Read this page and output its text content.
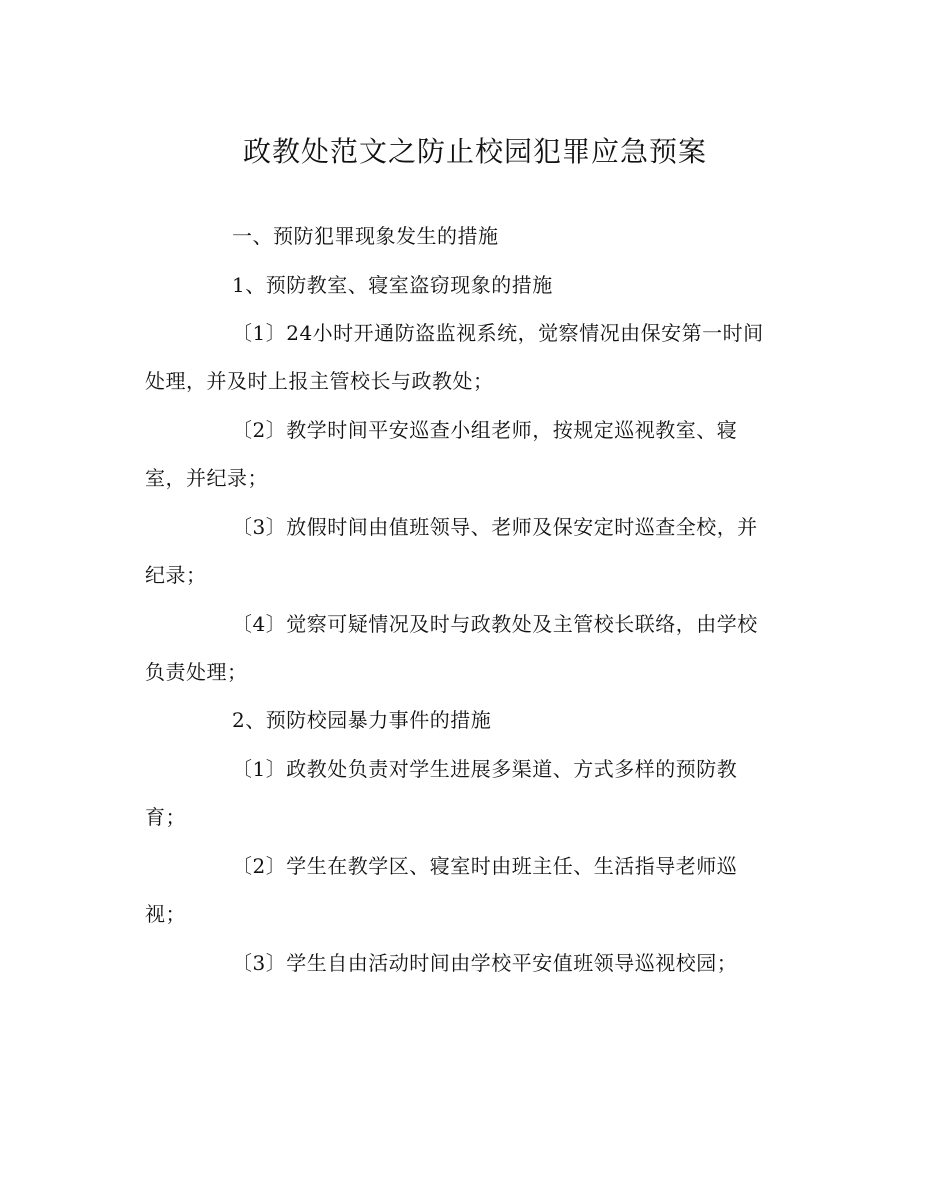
政教处范文之防止校园犯罪应急预案

一、预防犯罪现象发生的措施

1、预防教室、寝室盗窃现象的措施

〔1〕24小时开通防盗监视系统，觉察情况由保安第一时间

处理，并及时上报主管校长与政教处；

〔2〕教学时间平安巡查小组老师，按规定巡视教室、寝

室，并纪录；

〔3〕放假时间由值班领导、老师及保安定时巡查全校，并

纪录；

〔4〕觉察可疑情况及时与政教处及主管校长联络，由学校

负责处理；

2、预防校园暴力事件的措施

〔1〕政教处负责对学生进展多渠道、方式多样的预防教

育；

〔2〕学生在教学区、寝室时由班主任、生活指导老师巡

视；

〔3〕学生自由活动时间由学校平安值班领导巡视校园；
